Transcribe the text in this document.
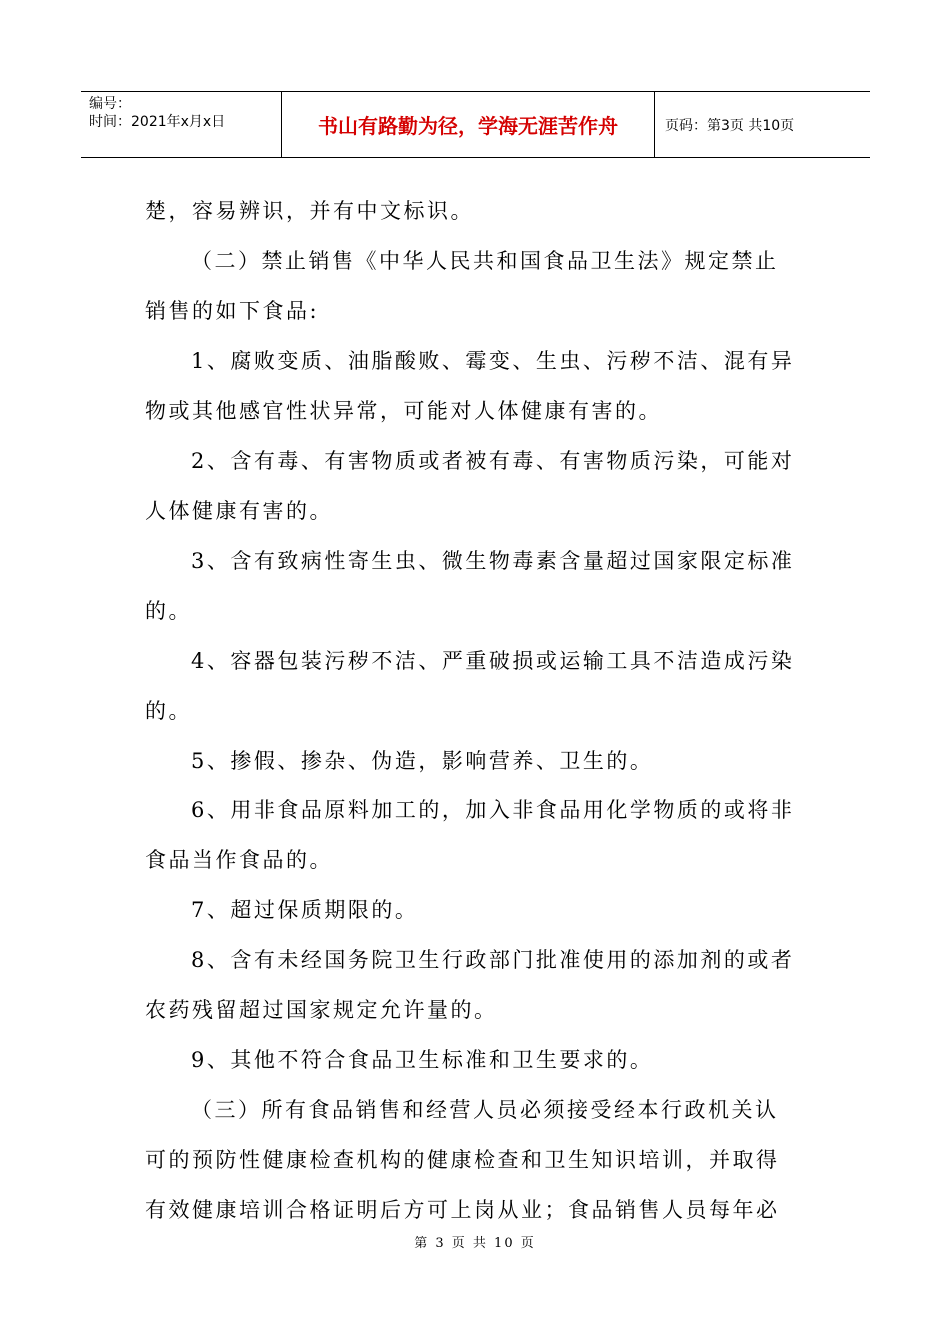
编号：
时间：2021年x月x日	书山有路勤为径，学海无涯苦作舟	页码：第3页 共10页
楚，容易辨识，并有中文标识。
（二）禁止销售《中华人民共和国食品卫生法》规定禁止
销售的如下食品:
1、腐败变质、油脂酸败、霉变、生虫、污秽不洁、混有异
物或其他感官性状异常，可能对人体健康有害的。
2、含有毒、有害物质或者被有毒、有害物质污染，可能对
人体健康有害的。
3、含有致病性寄生虫、微生物毒素含量超过国家限定标准
的。
4、容器包装污秽不洁、严重破损或运输工具不洁造成污染
的。
5、掺假、掺杂、伪造，影响营养、卫生的。
6、用非食品原料加工的，加入非食品用化学物质的或将非
食品当作食品的。
7、超过保质期限的。
8、含有未经国务院卫生行政部门批准使用的添加剂的或者
农药残留超过国家规定允许量的。
9、其他不符合食品卫生标准和卫生要求的。
（三）所有食品销售和经营人员必须接受经本行政机关认
可的预防性健康检查机构的健康检查和卫生知识培训，并取得
有效健康培训合格证明后方可上岗从业；食品销售人员每年必
第 3 页 共 10 页
